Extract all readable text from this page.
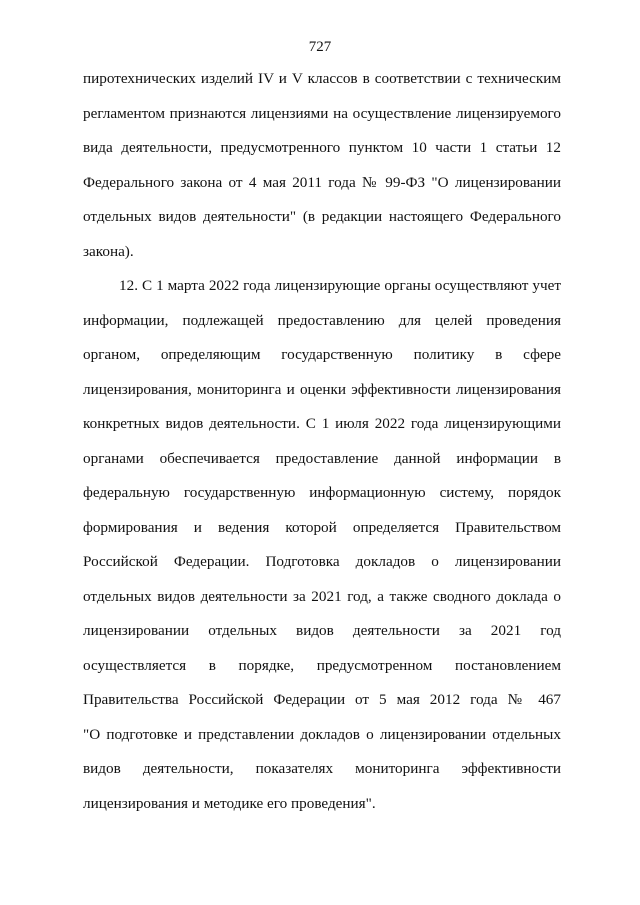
727
пиротехнических изделий IV и V классов в соответствии с техническим
регламентом признаются лицензиями на осуществление лицензируемого
вида деятельности, предусмотренного пунктом 10 части 1 статьи 12
Федерального закона от 4 мая 2011 года № 99-ФЗ "О лицензировании
отдельных видов деятельности" (в редакции настоящего Федерального
закона).
12. С 1 марта 2022 года лицензирующие органы осуществляют учет
информации, подлежащей предоставлению для целей проведения
органом, определяющим государственную политику в сфере
лицензирования, мониторинга и оценки эффективности лицензирования
конкретных видов деятельности. С 1 июля 2022 года лицензирующими
органами обеспечивается предоставление данной информации в
федеральную государственную информационную систему, порядок
формирования и ведения которой определяется Правительством
Российской Федерации. Подготовка докладов о лицензировании
отдельных видов деятельности за 2021 год, а также сводного доклада о
лицензировании отдельных видов деятельности за 2021 год
осуществляется в порядке, предусмотренном постановлением
Правительства Российской Федерации от 5 мая 2012 года № 467
"О подготовке и представлении докладов о лицензировании отдельных
видов деятельности, показателях мониторинга эффективности
лицензирования и методике его проведения".
